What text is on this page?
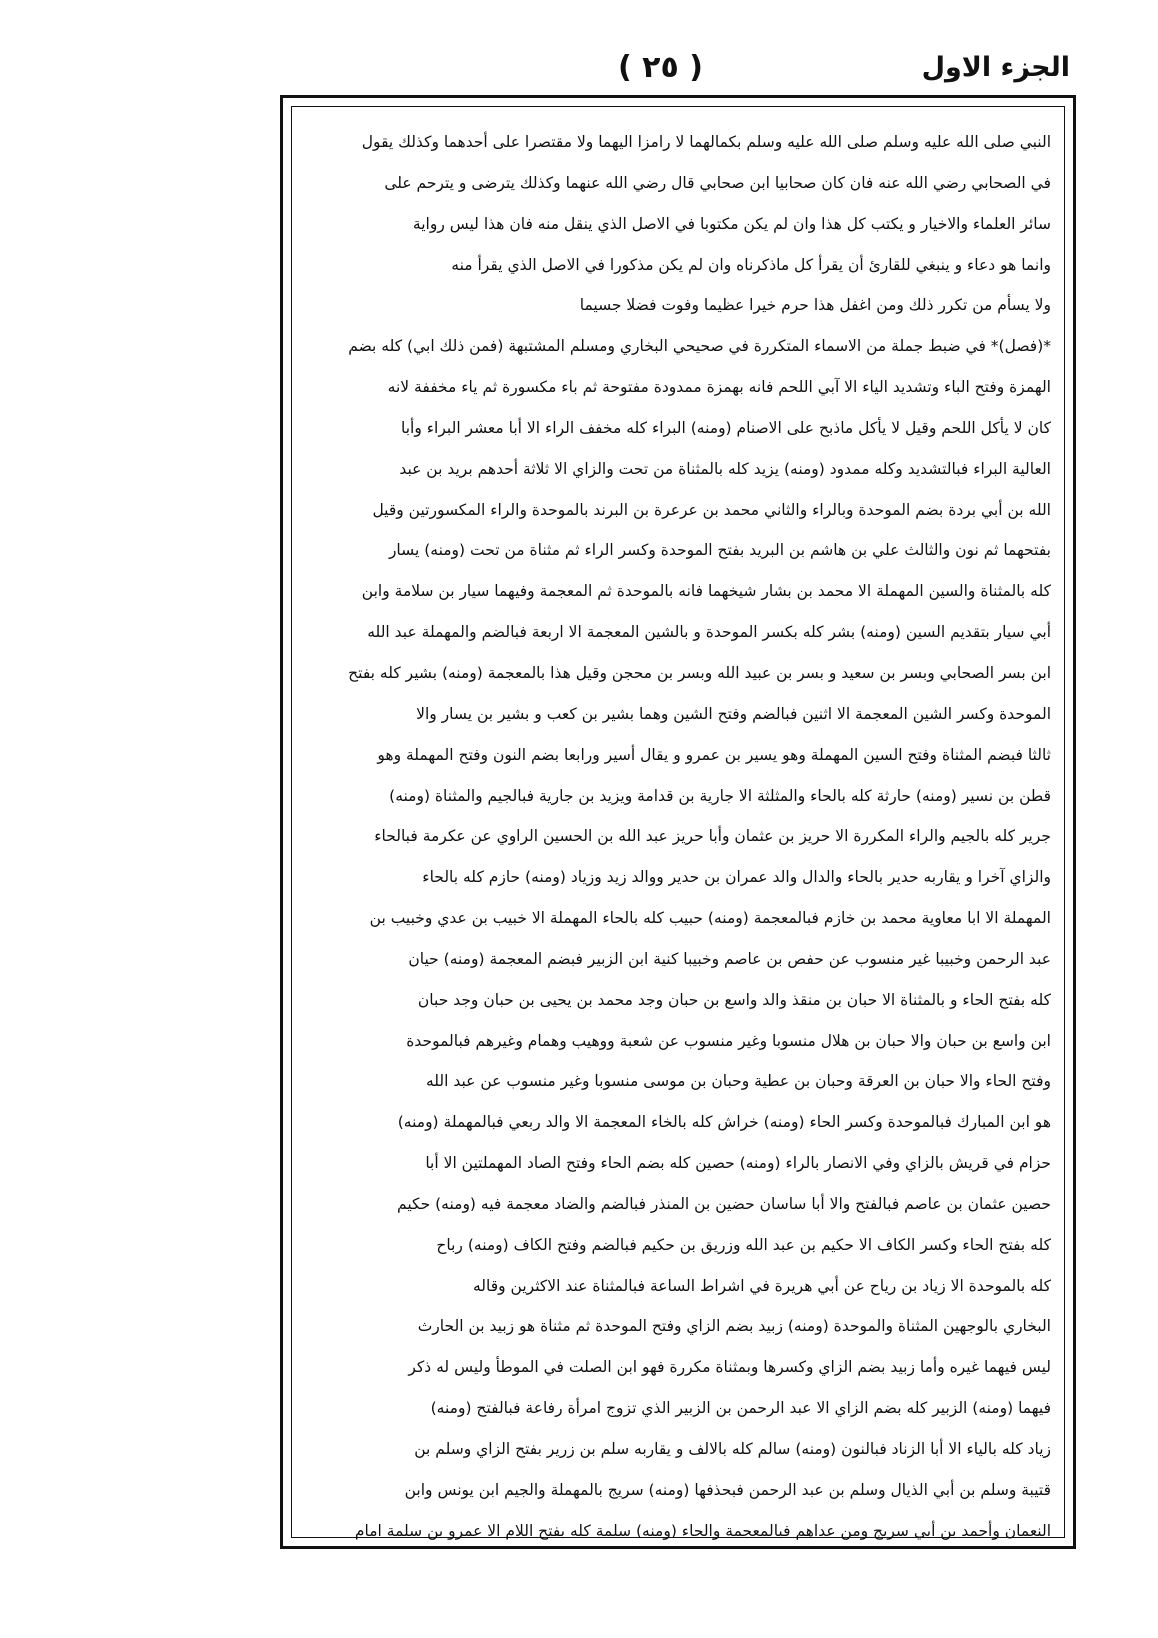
( ٢٥ )	الجزء الاول
النبي صلى الله عليه وسلم صلى الله عليه وسلم بكمالهما لا رامزا اليهما ولا مقتصرا على أحدهما وكذلك يقول
في الصحابي رضي الله عنه فان كان صحابيا ابن صحابي قال رضي الله عنهما وكذلك يترضى و يترحم على
سائر العلماء والاخيار و يكتب كل هذا وان لم يكن مكتوبا في الاصل الذي ينقل منه فان هذا ليس رواية
وانما هو دعاء و ينبغي للقارئ أن يقرأ كل ماذكرناه وان لم يكن مذكورا في الاصل الذي يقرأ منه
ولا يسأم من تكرر ذلك ومن اغفل هذا حرم خيرا عظيما وفوت فضلا جسيما
*(فصل)* في ضبط جملة من الاسماء المتكررة في صحيحي البخاري ومسلم المشتبهة (فمن ذلك ابي) كله بضم
الهمزة وفتح الباء وتشديد الياء الا آبي اللحم فانه بهمزة ممدودة مفتوحة ثم باء مكسورة ثم ياء مخففة لانه
كان لا يأكل اللحم وقيل لا يأكل ماذبح على الاصنام (ومنه) البراء كله مخفف الراء الا أبا معشر البراء وأبا
العالية البراء فبالتشديد وكله ممدود (ومنه) يزيد كله بالمثناة من تحت والزاي الا ثلاثة أحدهم بريد بن عبد
الله بن أبي بردة بضم الموحدة وبالراء والثاني محمد بن عرعرة بن البرند بالموحدة والراء المكسورتين وقيل
بفتحهما ثم نون والثالث علي بن هاشم بن البريد بفتح الموحدة وكسر الراء ثم مثناة من تحت (ومنه) يسار
كله بالمثناة والسين المهملة الا محمد بن بشار شيخهما فانه بالموحدة ثم المعجمة وفيهما سيار بن سلامة وابن
أبي سيار بتقديم السين (ومنه) بشر كله بكسر الموحدة و بالشين المعجمة الا اربعة فبالضم والمهملة عبد الله
ابن بسر الصحابي وبسر بن سعيد و بسر بن عبيد الله وبسر بن محجن وقيل هذا بالمعجمة (ومنه) بشير كله بفتح
الموحدة وكسر الشين المعجمة الا اثنين فبالضم وفتح الشين وهما بشير بن كعب و بشير بن يسار والا
ثالثا فبضم المثناة وفتح السين المهملة وهو يسير بن عمرو و يقال أسير ورابعا بضم النون وفتح المهملة وهو
قطن بن نسير (ومنه) حارثة كله بالحاء والمثلثة الا جارية بن قدامة ويزيد بن جارية فبالجيم والمثناة (ومنه)
جرير كله بالجيم والراء المكررة الا حريز بن عثمان وأبا حريز عبد الله بن الحسين الراوي عن عكرمة فبالحاء
والزاي آخرا و يقاربه حدير بالحاء والدال والد عمران بن حدير ووالد زيد وزياد (ومنه) حازم كله بالحاء
المهملة الا ابا معاوية محمد بن خازم فبالمعجمة (ومنه) حبيب كله بالحاء المهملة الا خبيب بن عدي وخبيب بن
عبد الرحمن وخبيبا غير منسوب عن حفص بن عاصم وخبيبا كنية ابن الزبير فبضم المعجمة (ومنه) حيان
كله بفتح الحاء و بالمثناة الا حبان بن منقذ والد واسع بن حبان وجد محمد بن يحيى بن حبان وجد حبان
ابن واسع بن حبان والا حبان بن هلال منسوبا وغير منسوب عن شعبة ووهيب وهمام وغيرهم فبالموحدة
وفتح الحاء والا حبان بن العرقة وحبان بن عطية وحبان بن موسى منسوبا وغير منسوب عن عبد الله
هو ابن المبارك فبالموحدة وكسر الحاء (ومنه) خراش كله بالخاء المعجمة الا والد ربعي فبالمهملة (ومنه)
حزام في قريش بالزاي وفي الانصار بالراء (ومنه) حصين كله بضم الحاء وفتح الصاد المهملتين الا أبا
حصين عثمان بن عاصم فبالفتح والا أبا ساسان حضين بن المنذر فبالضم والضاد معجمة فيه (ومنه) حكيم
كله بفتح الحاء وكسر الكاف الا حكيم بن عبد الله وزريق بن حكيم فبالضم وفتح الكاف (ومنه) رباح
كله بالموحدة الا زياد بن رياح عن أبي هريرة في اشراط الساعة فبالمثناة عند الاكثرين وقاله
البخاري بالوجهين المثناة والموحدة (ومنه) زبيد بضم الزاي وفتح الموحدة ثم مثناة هو زبيد بن الحارث
ليس فيهما غيره وأما زبيد بضم الزاي وكسرها وبمثناة مكررة فهو ابن الصلت في الموطأ وليس له ذكر
فيهما (ومنه) الزبير كله بضم الزاي الا عبد الرحمن بن الزبير الذي تزوج امرأة رفاعة فبالفتح (ومنه)
زياد كله بالياء الا أبا الزناد فبالنون (ومنه) سالم كله بالالف و يقاربه سلم بن زرير بفتح الزاي وسلم بن
قتيبة وسلم بن أبي الذيال وسلم بن عبد الرحمن فبحذفها (ومنه) سريج بالمهملة والجيم ابن يونس وابن
النعمان وأحمد بن أبي سريج ومن عداهم فبالمعجمة والحاء (ومنه) سلمة كله بفتح اللام الا عمرو بن سلمة امام
